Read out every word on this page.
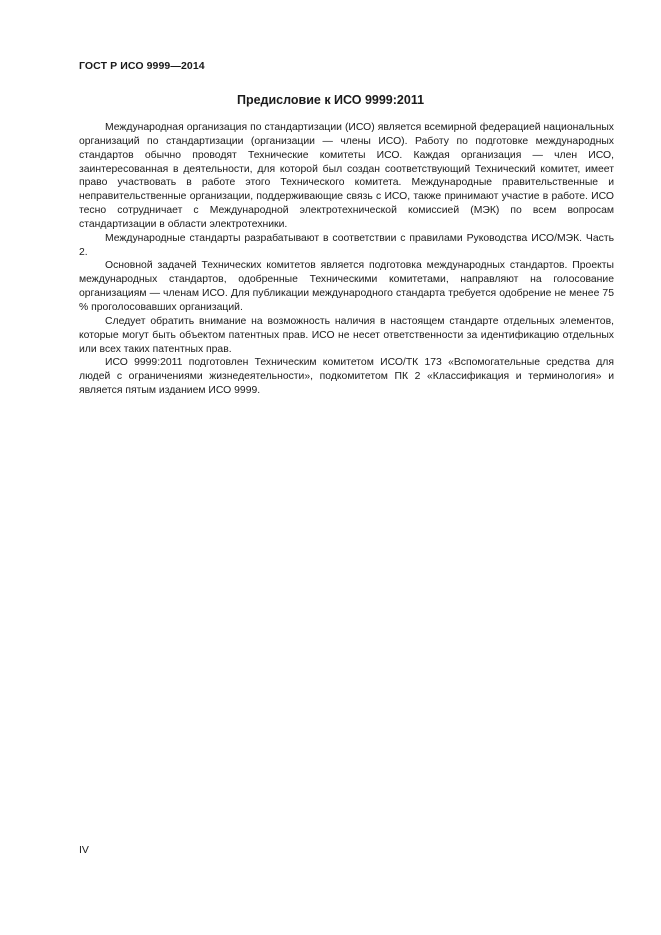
ГОСТ Р ИСО 9999—2014
Предисловие к ИСО 9999:2011

Международная организация по стандартизации (ИСО) является всемирной федерацией национальных организаций по стандартизации (организации — члены ИСО). Работу по подготовке международных стандартов обычно проводят Технические комитеты ИСО. Каждая организация — член ИСО, заинтересованная в деятельности, для которой был создан соответствующий Технический комитет, имеет право участвовать в работе этого Технического комитета. Международные правительственные и неправительственные организации, поддерживающие связь с ИСО, также принимают участие в работе. ИСО тесно сотрудничает с Международной электротехнической комиссией (МЭК) по всем вопросам стандартизации в области электротехники.

Международные стандарты разрабатывают в соответствии с правилами Руководства ИСО/МЭК. Часть 2.

Основной задачей Технических комитетов является подготовка международных стандартов. Проекты международных стандартов, одобренные Техническими комитетами, направляют на голосование организациям — членам ИСО. Для публикации международного стандарта требуется одобрение не менее 75 % проголосовавших организаций.

Следует обратить внимание на возможность наличия в настоящем стандарте отдельных элементов, которые могут быть объектом патентных прав. ИСО не несет ответственности за идентификацию отдельных или всех таких патентных прав.

ИСО 9999:2011 подготовлен Техническим комитетом ИСО/ТК 173 «Вспомогательные средства для людей с ограничениями жизнедеятельности», подкомитетом ПК 2 «Классификация и терминология» и является пятым изданием ИСО 9999.

IV
